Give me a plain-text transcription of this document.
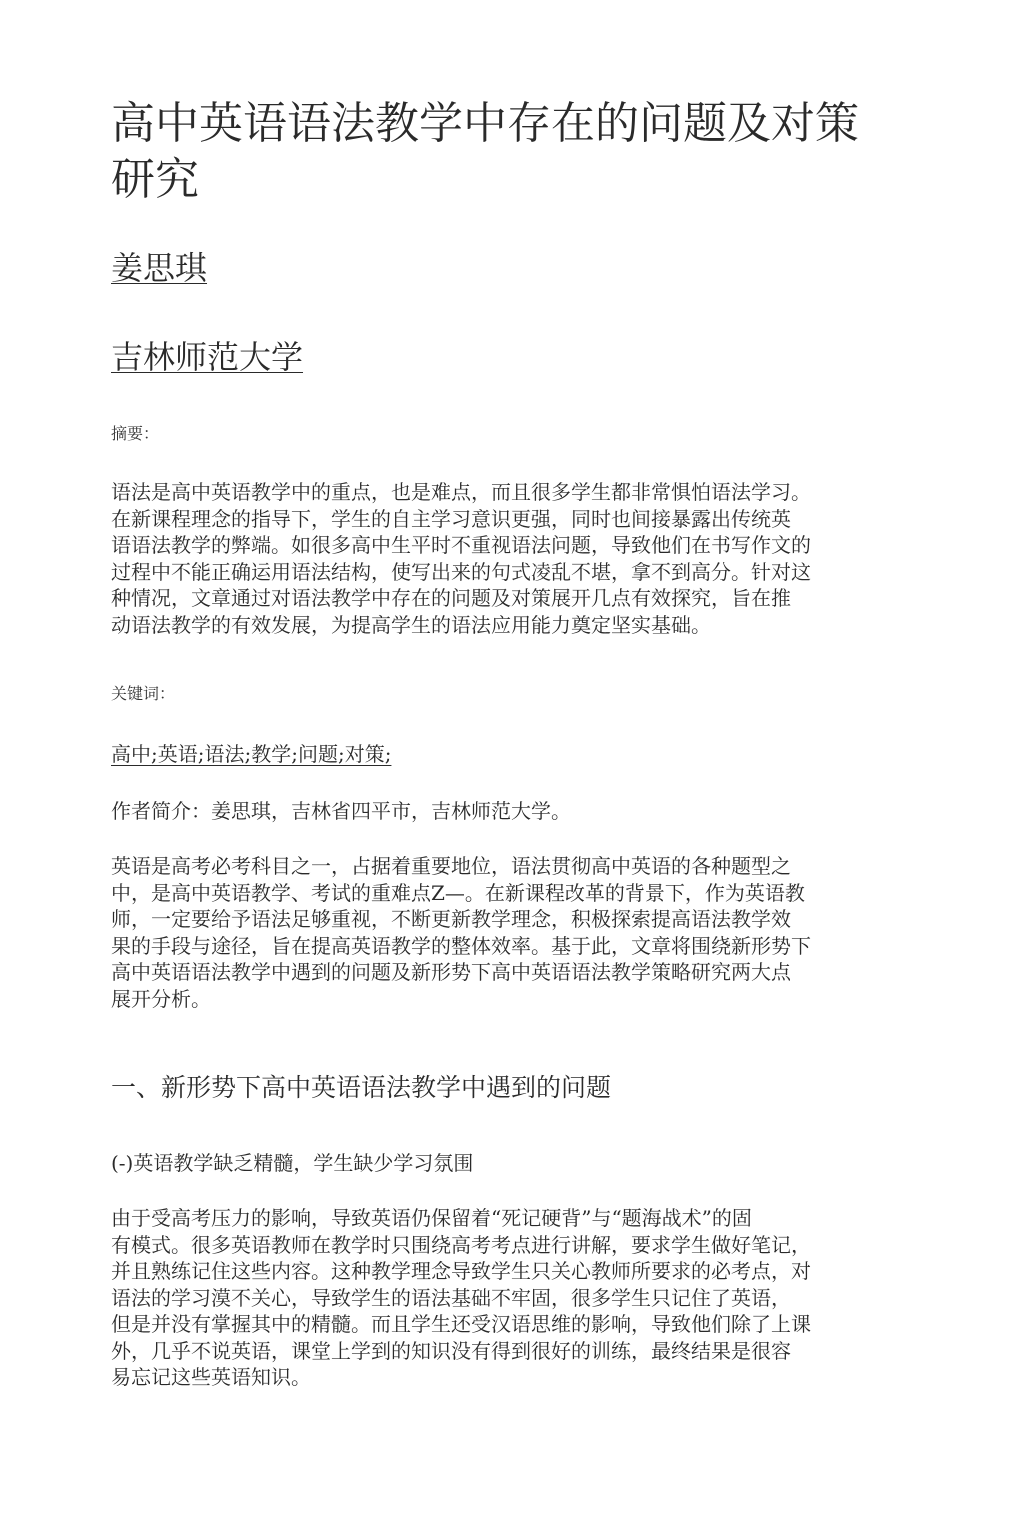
高中英语语法教学中存在的问题及对策研究
姜思琪
吉林师范大学
摘要：

语法是高中英语教学中的重点，也是难点，而且很多学生都非常惧怕语法学习。
在新课程理念的指导下，学生的自主学习意识更强，同时也间接暴露出传统英
语语法教学的弊端。如很多高中生平时不重视语法问题，导致他们在书写作文的
过程中不能正确运用语法结构，使写出来的句式凌乱不堪，拿不到高分。针对这
种情况，文章通过对语法教学中存在的问题及对策展开几点有效探究，旨在推
动语法教学的有效发展，为提高学生的语法应用能力奠定坚实基础。

关键词：
高中;英语;语法;教学;问题;对策;
作者简介：姜思琪，吉林省四平市，吉林师范大学。

英语是高考必考科目之一，占据着重要地位，语法贯彻高中英语的各种题型之
中，是高中英语教学、考试的重难点Z—。在新课程改革的背景下，作为英语教
师，一定要给予语法足够重视，不断更新教学理念，积极探索提高语法教学效
果的手段与途径，旨在提高英语教学的整体效率。基于此，文章将围绕新形势下
高中英语语法教学中遇到的问题及新形势下高中英语语法教学策略研究两大点
展开分析。

一、新形势下高中英语语法教学中遇到的问题
(-)英语教学缺乏精髓，学生缺少学习氛围

由于受高考压力的影响，导致英语仍保留着“死记硬背”与“题海战术”的固
有模式。很多英语教师在教学时只围绕高考考点进行讲解，要求学生做好笔记，
并且熟练记住这些内容。这种教学理念导致学生只关心教师所要求的必考点，对
语法的学习漠不关心，导致学生的语法基础不牢固，很多学生只记住了英语，
但是并没有掌握其中的精髓。而且学生还受汉语思维的影响，导致他们除了上课
外，几乎不说英语，课堂上学到的知识没有得到很好的训练，最终结果是很容
易忘记这些英语知识。
